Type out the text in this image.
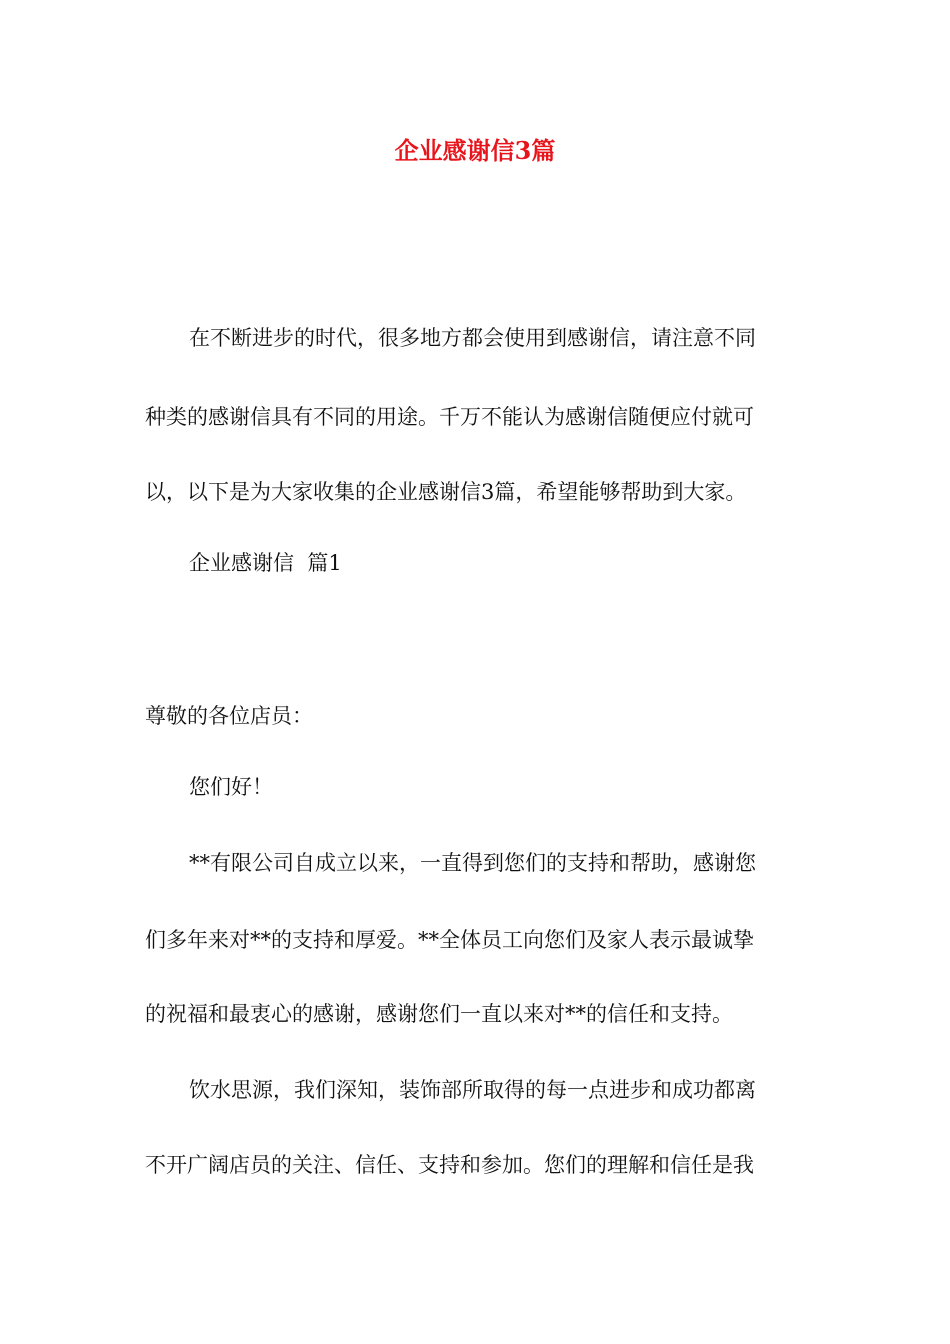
企业感谢信3篇
在不断进步的时代，很多地方都会使用到感谢信，请注意不同
种类的感谢信具有不同的用途。千万不能认为感谢信随便应付就可
以，以下是为大家收集的企业感谢信3篇，希望能够帮助到大家。
企业感谢信  篇1
尊敬的各位店员：
您们好！
**有限公司自成立以来，一直得到您们的支持和帮助，感谢您
们多年来对**的支持和厚爱。**全体员工向您们及家人表示最诚挚
的祝福和最衷心的感谢，感谢您们一直以来对**的信任和支持。
饮水思源，我们深知，装饰部所取得的每一点进步和成功都离
不开广阔店员的关注、信任、支持和参加。您们的理解和信任是我
